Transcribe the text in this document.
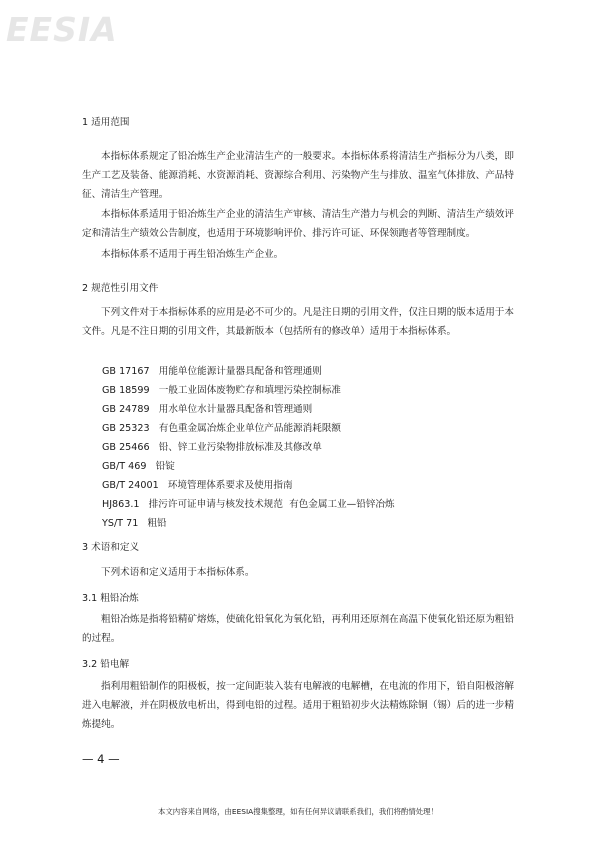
EESIA
1 适用范围
本指标体系规定了铅冶炼生产企业清洁生产的一般要求。本指标体系将清洁生产指标分为八类，即生产工艺及装备、能源消耗、水资源消耗、资源综合利用、污染物产生与排放、温室气体排放、产品特征、清洁生产管理。
本指标体系适用于铅冶炼生产企业的清洁生产审核、清洁生产潜力与机会的判断、清洁生产绩效评定和清洁生产绩效公告制度，也适用于环境影响评价、排污许可证、环保领跑者等管理制度。
本指标体系不适用于再生铅冶炼生产企业。
2 规范性引用文件
下列文件对于本指标体系的应用是必不可少的。凡是注日期的引用文件，仅注日期的版本适用于本文件。凡是不注日期的引用文件，其最新版本（包括所有的修改单）适用于本指标体系。
GB 17167   用能单位能源计量器具配备和管理通则
GB 18599   一般工业固体废物贮存和填埋污染控制标准
GB 24789   用水单位水计量器具配备和管理通则
GB 25323   有色重金属冶炼企业单位产品能源消耗限额
GB 25466   铅、锌工业污染物排放标准及其修改单
GB/T 469   铅锭
GB/T 24001   环境管理体系要求及使用指南
HJ863.1   排污许可证申请与核发技术规范  有色金属工业—铅锌冶炼
YS/T 71   粗铅
3 术语和定义
下列术语和定义适用于本指标体系。
3.1 粗铅冶炼
粗铅冶炼是指将铅精矿熔炼，使硫化铅氧化为氧化铅，再利用还原剂在高温下使氧化铅还原为粗铅的过程。
3.2 铅电解
指利用粗铅制作的阳极板，按一定间距装入装有电解液的电解槽，在电流的作用下，铅自阳极溶解进入电解液，并在阴极放电析出，得到电铅的过程。适用于粗铅初步火法精炼除铜（锡）后的进一步精炼提纯。
— 4 —
本文内容来自网络，由EESIA搜集整理，如有任何异议请联系我们，我们将酌情处理！
